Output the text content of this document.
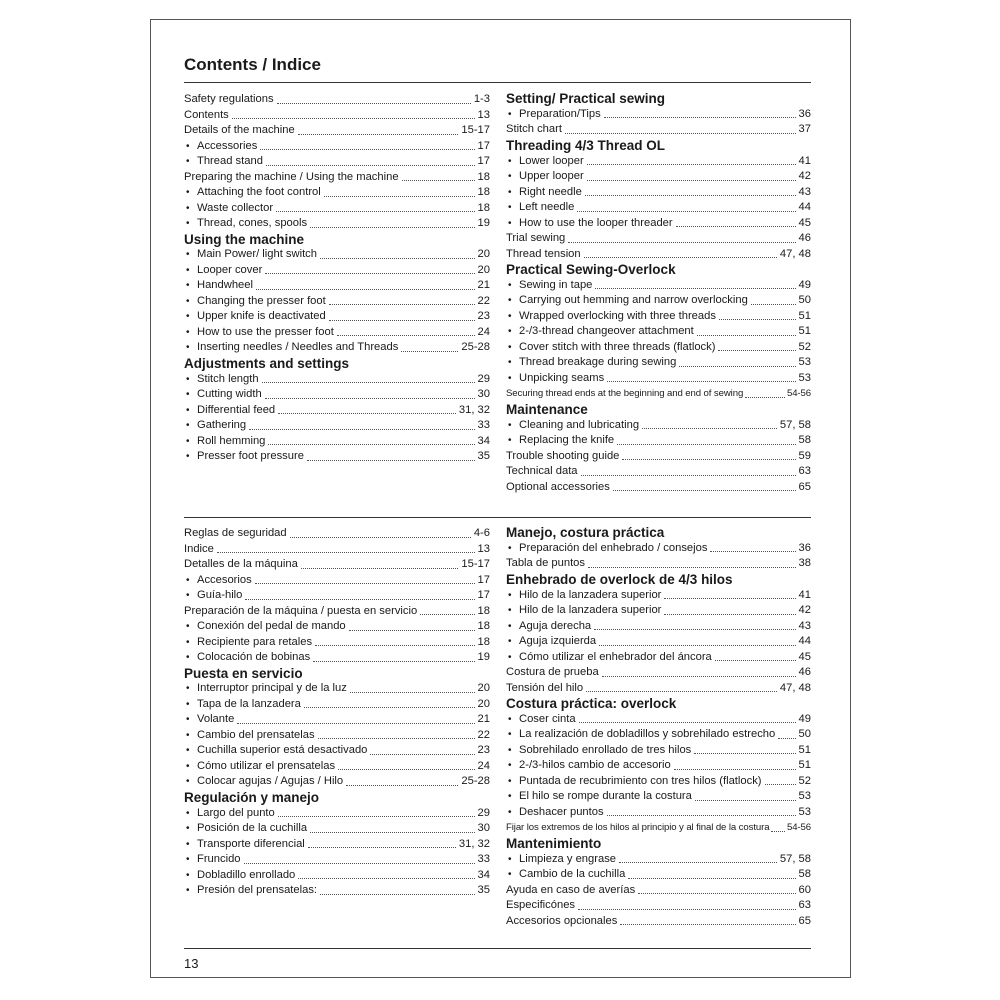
Contents / Indice
Safety regulations	1-3
Contents	13
Details of the machine	15-17
• Accessories	17
• Thread stand	17
Preparing the machine / Using the machine	18
• Attaching the foot control	18
• Waste collector	18
• Thread, cones, spools	19
Using the machine
• Main Power/ light switch	20
• Looper cover	20
• Handwheel	21
• Changing the presser foot	22
• Upper knife is deactivated	23
• How to use the presser foot	24
• Inserting needles / Needles and Threads	25-28
Adjustments and settings
• Stitch length	29
• Cutting width	30
• Differential feed	31, 32
• Gathering	33
• Roll hemming	34
• Presser foot pressure	35
Setting/ Practical sewing
• Preparation/Tips	36
Stitch chart	37
Threading 4/3 Thread OL
• Lower looper	41
• Upper looper	42
• Right needle	43
• Left needle	44
• How to use the looper threader	45
Trial sewing	46
Thread tension	47, 48
Practical Sewing-Overlock
• Sewing in tape	49
• Carrying out hemming and narrow overlocking	50
• Wrapped overlocking with three threads	51
• 2-/3-thread changeover attachment	51
• Cover stitch with three threads (flatlock)	52
• Thread breakage during sewing	53
• Unpicking seams	53
Securing thread ends at the beginning and end of sewing	54-56
Maintenance
• Cleaning and lubricating	57, 58
• Replacing the knife	58
Trouble shooting guide	59
Technical data	63
Optional accessories	65
Reglas de seguridad	4-6
Indice	13
Detalles de la máquina	15-17
• Accesorios	17
• Guía-hilo	17
Preparación de la máquina / puesta en servicio	18
• Conexión del pedal de mando	18
• Recipiente para retales	18
• Colocación de bobinas	19
Puesta en servicio
• Interruptor principal y de la luz	20
• Tapa de la lanzadera	20
• Volante	21
• Cambio del prensatelas	22
• Cuchilla superior está desactivado	23
• Cómo utilizar el prensatelas	24
• Colocar agujas / Agujas / Hilo	25-28
Regulación y manejo
• Largo del punto	29
• Posición de la cuchilla	30
• Transporte diferencial	31, 32
• Fruncido	33
• Dobladillo enrollado	34
• Presión del prensatelas:	35
Manejo, costura práctica
• Preparación del enhebrado / consejos	36
Tabla de puntos	38
Enhebrado de overlock de 4/3 hilos
• Hilo de la lanzadera superior	41
• Hilo de la lanzadera superior	42
• Aguja derecha	43
• Aguja izquierda	44
• Cómo utilizar el enhebrador del áncora	45
Costura de prueba	46
Tensión del hilo	47, 48
Costura práctica: overlock
• Coser cinta	49
• La realización de dobladillos y sobrehilado estrecho 50
• Sobrehilado enrollado de tres hilos	51
• 2-/3-hilos cambio de accesorio	51
• Puntada de recubrimiento con tres hilos (flatlock)	52
• El hilo se rompe durante la costura	53
• Deshacer puntos	53
Fijar los extremos de los hilos al principio y al final de la costura 54-56
Mantenimiento
• Limpieza y engrase	57, 58
• Cambio de la cuchilla	58
Ayuda en caso de averías	60
Especificónes	63
Accesorios opcionales	65
13
